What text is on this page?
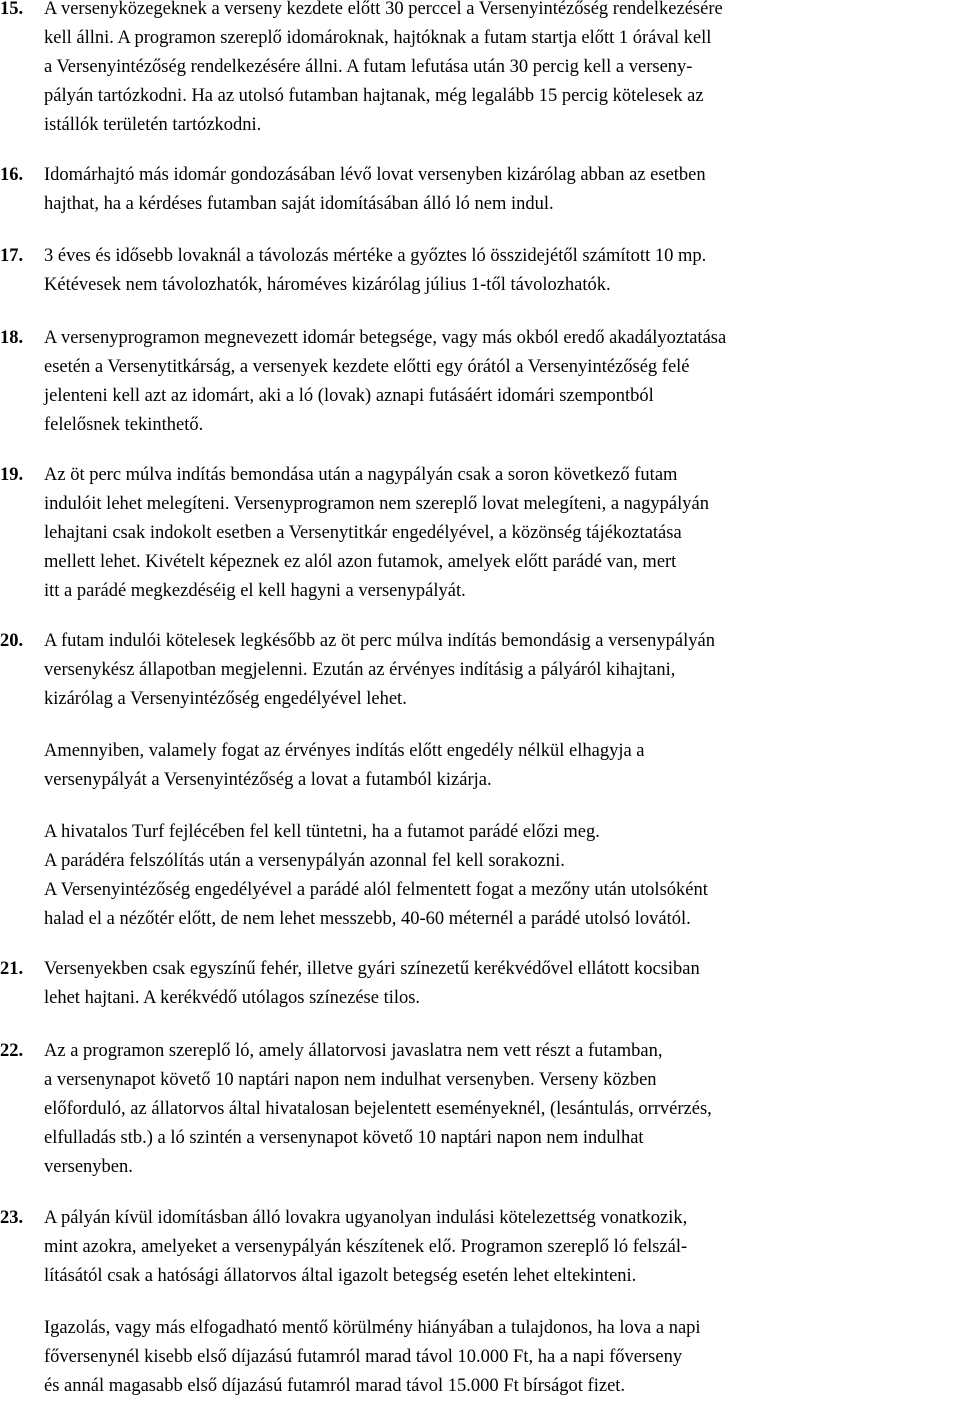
15. A versenyközegeknek a verseny kezdete előtt 30 perccel a Versenyintézőség rendelkezésére
kell állni. A programon szereplő idomároknak, hajtóknak a futam startja előtt 1 órával kell
a Versenyintézőség rendelkezésére állni. A futam lefutása után 30 percig kell a verseny-
pályán tartózkodni. Ha az utolsó futamban hajtanak, még legalább 15 percig kötelesek az
istállók területén tartózkodni.
16. Idomárhajtó más idomár gondozásában lévő lovat versenyben kizárólag abban az esetben
hajthat, ha a kérdéses futamban saját idomításában álló ló nem indul.
17. 3 éves és idősebb lovaknál a távolozás mértéke a győztes ló összidejétől számított 10 mp.
Kétévesek nem távolozhatók, hároméves kizárólag július 1-től távolozhatók.
18. A versenyprogramon megnevezett idomár betegsége, vagy más okból eredő akadályoztatása
esetén a Versenytitkárság, a versenyek kezdete előtti egy órától a Versenyintézőség felé
jelenteni kell azt az idomárt, aki a ló (lovak) aznapi futásáért idomári szempontból
felelősnek tekinthető.
19. Az öt perc múlva indítás bemondása után a nagypályán csak a soron következő futam
indulóit lehet melegíteni. Versenyprogramon nem szereplő lovat melegíteni, a nagypályán
lehajtani csak indokolt esetben a Versenytitkár engedélyével, a közönség tájékoztatása
mellett lehet. Kivételt képeznek ez alól azon futamok, amelyek előtt parádé van, mert
itt a parádé megkezdéséig el kell hagyni a versenypályát.
20. A futam indulói kötelesek legkésőbb az öt perc múlva indítás bemondásig a versenypályán
versenykész állapotban megjelenni. Ezután az érvényes indításig a pályáról kihajtani,
kizárólag a Versenyintézőség engedélyével lehet.
Amennyiben, valamely fogat az érvényes indítás előtt engedély nélkül elhagyja a
versenypályát a Versenyintézőség a lovat a futamból kizárja.
A hivatalos Turf fejlécében fel kell tüntetni, ha a futamot parádé előzi meg.
A parádéra felszólítás után a versenypályán azonnal fel kell sorakozni.
A Versenyintézőség engedélyével a parádé alól felmentett fogat a mezőny után utolsóként
halad el a nézőtér előtt, de nem lehet messzebb, 40-60 méternél a parádé utolsó lovától.
21. Versenyekben csak egyszínű fehér, illetve gyári színezetű kerékvédővel ellátott kocsiban
lehet hajtani. A kerékvédő utólagos színezése tilos.
22. Az a programon szereplő ló, amely állatorvosi javaslatra nem vett részt a futamban,
a versenynapot követő 10 naptári napon nem indulhat versenyben. Verseny közben
előforduló, az állatorvos által hivatalosan bejelentett eseményeknél, (lesántulás, orrvérzés,
elfulladás stb.) a ló szintén a versenynapot követő 10 naptári napon nem indulhat
versenyben.
23. A pályán kívül idomításban álló lovakra ugyanolyan indulási kötelezettség vonatkozik,
mint azokra, amelyeket a versenypályán készítenek elő. Programon szereplő ló felszál-
lításától csak a hatósági állatorvos által igazolt betegség esetén lehet eltekinteni.
Igazolás, vagy más elfogadható mentő körülmény hiányában a tulajdonos, ha lova a napi
főversenynél kisebb első díjazású futamról marad távol 10.000 Ft, ha a napi főverseny
és annál magasabb első díjazású futamról marad távol 15.000 Ft bírságot fizet.
